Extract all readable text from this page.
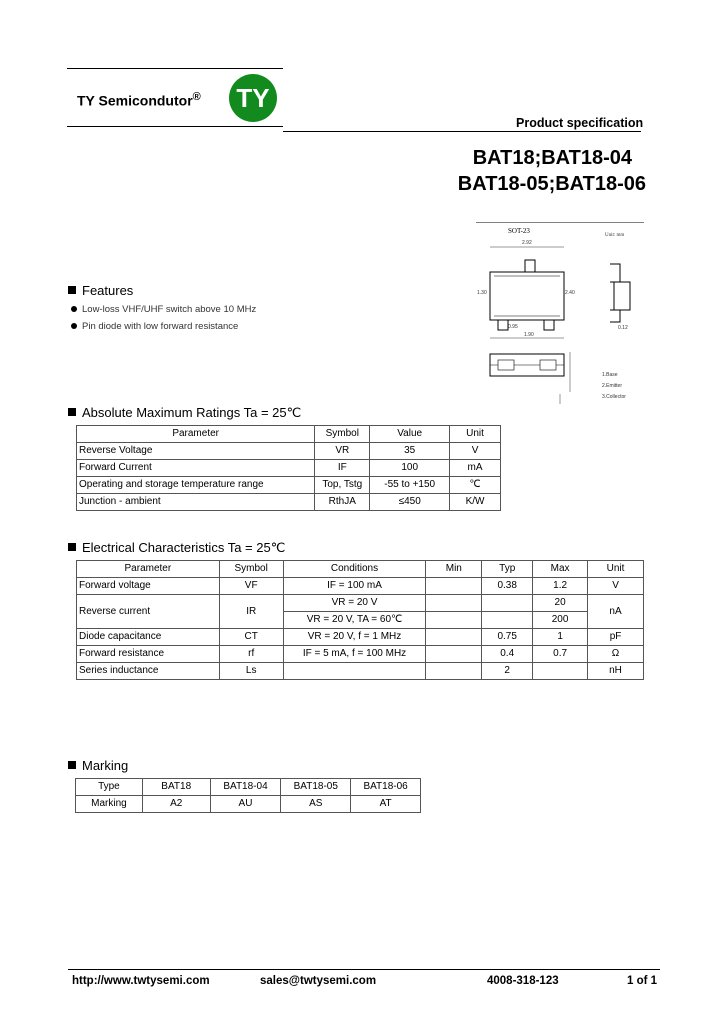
TY Semicondutor® TY
Product specification
BAT18;BAT18-04
BAT18-05;BAT18-06
SOT-23
Unit: mm
2.92
1.30	2.40
0.95
1.90
0.12
1.Base
2.Emitter
3.Collector
Features
Low-loss VHF/UHF switch above 10 MHz
Pin diode with low forward resistance
Absolute Maximum Ratings Ta = 25℃
Parameter	Symbol	Value	Unit
Reverse Voltage	VR	35	V
Forward Current	IF	100	mA
Operating and storage temperature range	Top, Tstg	-55 to +150	℃
Junction - ambient	RthJA	≤450	K/W
Electrical Characteristics Ta = 25℃
Parameter	Symbol	Conditions	Min	Typ	Max	Unit
Forward voltage	VF	IF = 100 mA		0.38	1.2	V
Reverse current	IR	VR = 20 V			20	nA
		VR = 20 V, TA = 60℃			200	
Diode capacitance	CT	VR = 20 V, f = 1 MHz		0.75	1	pF
Forward resistance	rf	IF = 5 mA, f = 100 MHz		0.4	0.7	Ω
Series inductance	Ls			2		nH
Marking
Type	BAT18	BAT18-04	BAT18-05	BAT18-06
Marking	A2	AU	AS	AT
http://www.twtysemi.com	sales@twtysemi.com	4008-318-123	1 of 1
